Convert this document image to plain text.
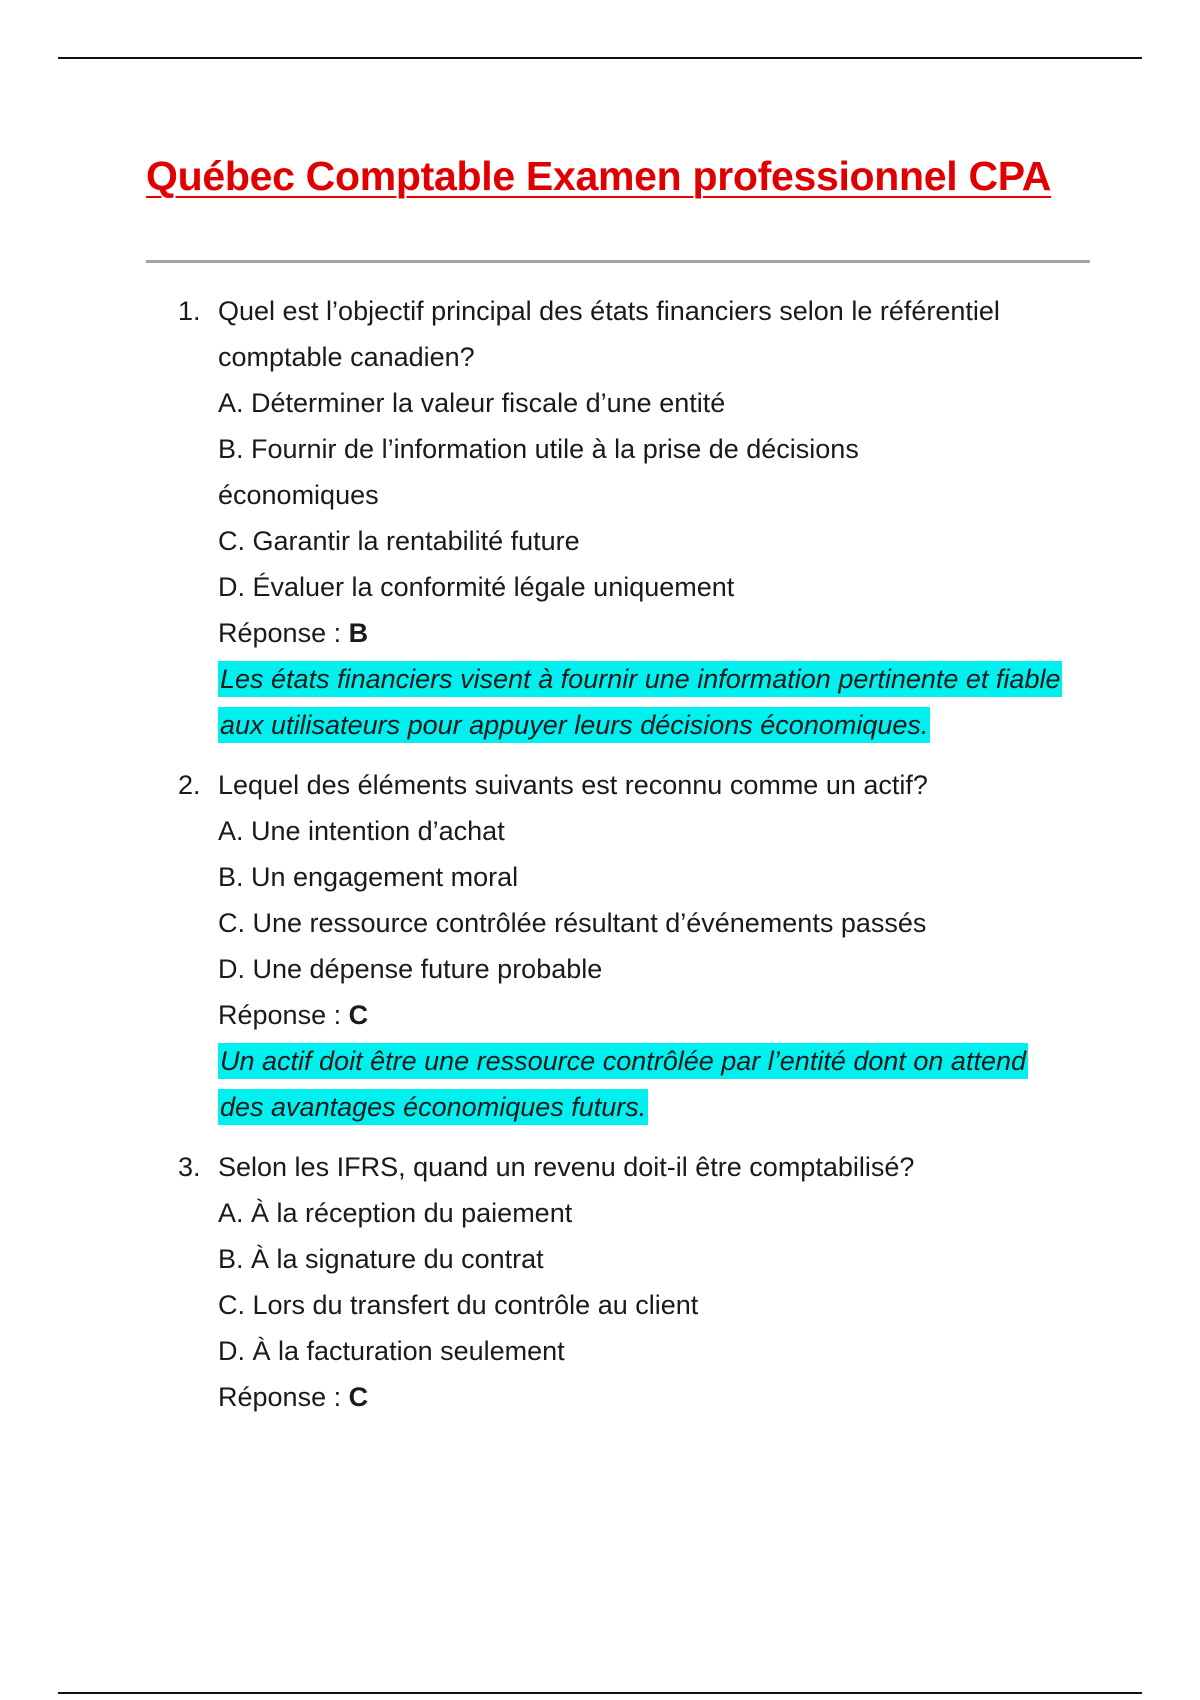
Québec Comptable Examen professionnel CPA
1. Quel est l’objectif principal des états financiers selon le référentiel
comptable canadien?
A. Déterminer la valeur fiscale d’une entité
B. Fournir de l’information utile à la prise de décisions
économiques
C. Garantir la rentabilité future
D. Évaluer la conformité légale uniquement
Réponse : B
Les états financiers visent à fournir une information pertinente et fiable aux utilisateurs pour appuyer leurs décisions économiques.
2. Lequel des éléments suivants est reconnu comme un actif?
A. Une intention d’achat
B. Un engagement moral
C. Une ressource contrôlée résultant d’événements passés
D. Une dépense future probable
Réponse : C
Un actif doit être une ressource contrôlée par l’entité dont on attend des avantages économiques futurs.
3. Selon les IFRS, quand un revenu doit-il être comptabilisé?
A. À la réception du paiement
B. À la signature du contrat
C. Lors du transfert du contrôle au client
D. À la facturation seulement
Réponse : C
